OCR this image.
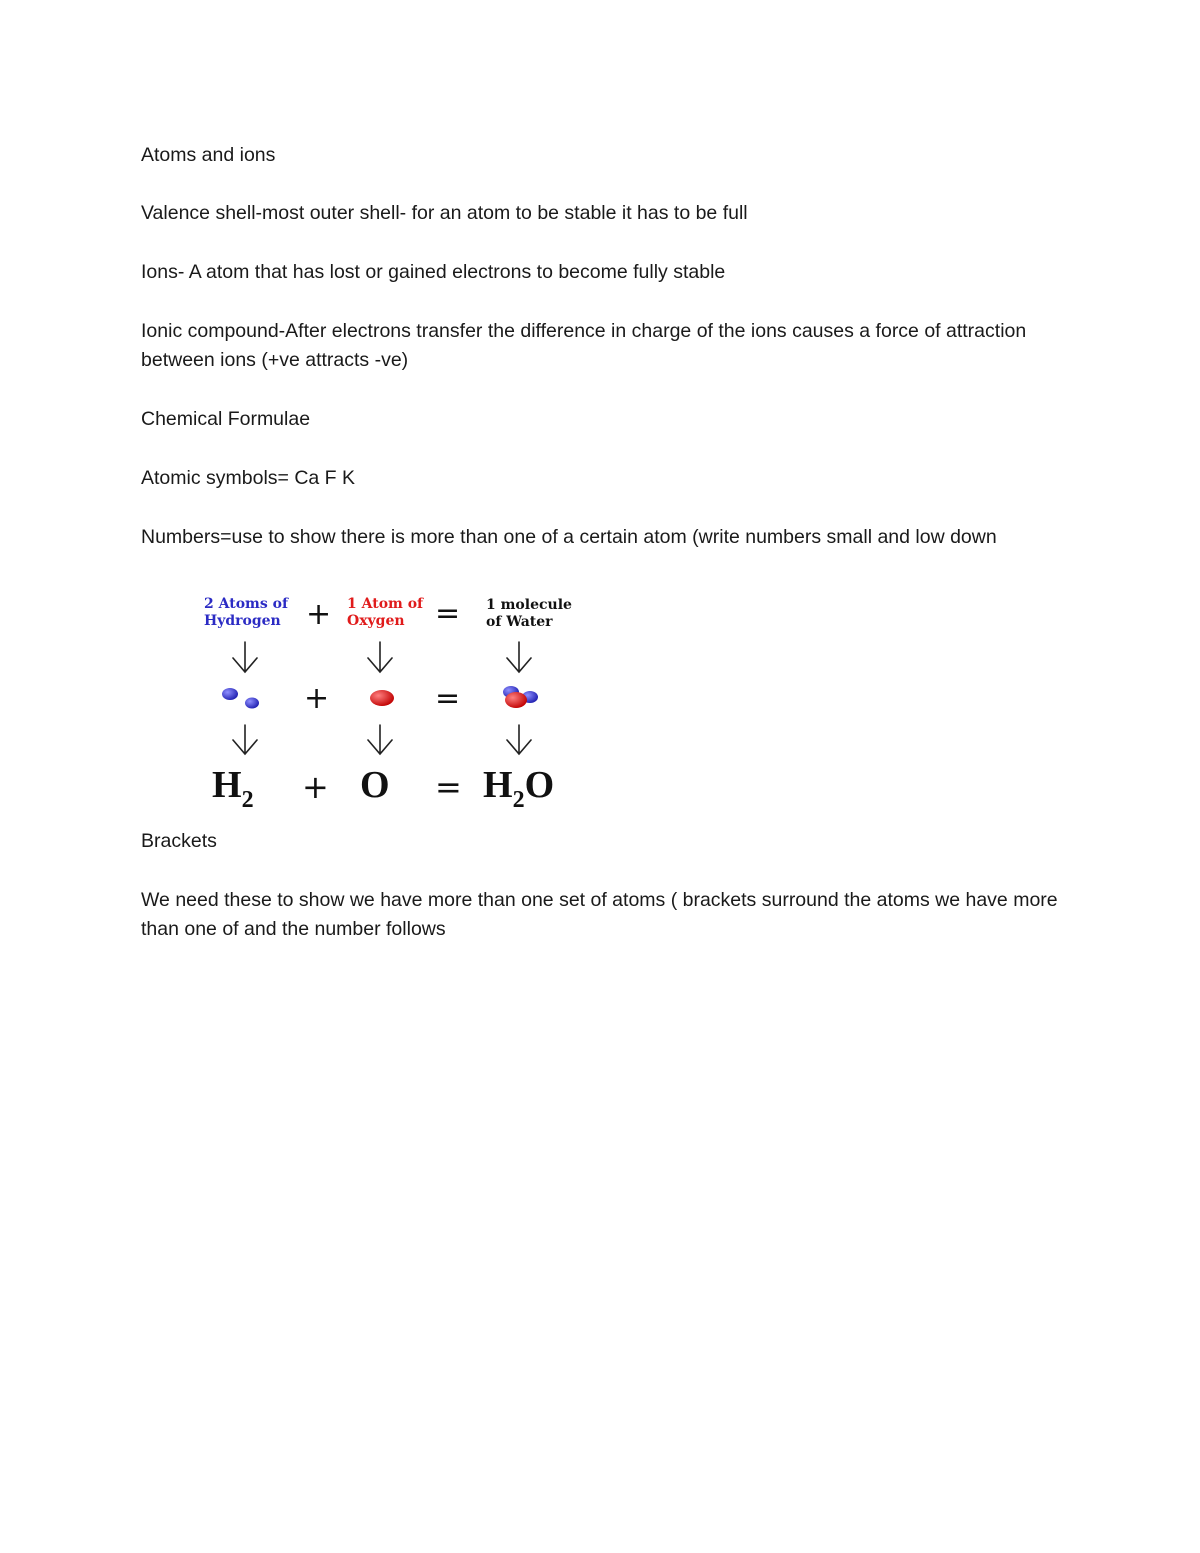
Atoms and ions

Valence shell-most outer shell- for an atom to be stable it has to be full

Ions- A atom that has lost or gained electrons to become fully stable

Ionic compound-After electrons transfer the difference in charge of the ions causes a force of attraction between ions (+ve attracts -ve)

Chemical Formulae

Atomic symbols= Ca F K

Numbers=use to show there is more than one of a certain atom (write numbers small and low down

2 Atoms of
Hydrogen + 1 Atom of
Oxygen = 1 molecule
of Water
+	=
H2 + O = H2O

Brackets

We need these to show we have more than one set of atoms ( brackets surround the atoms we have more than one of and the number follows
